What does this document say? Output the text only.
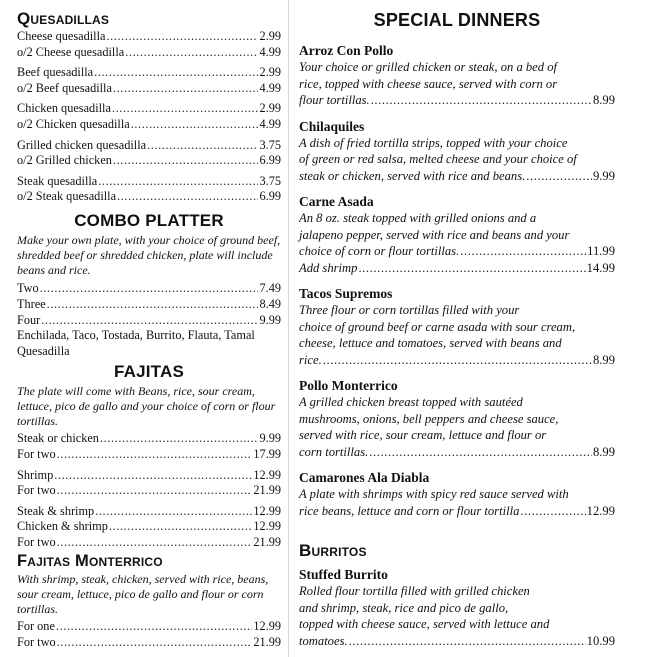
Quesadillas
Cheese quesadilla .....	2.99
o/2 Cheese quesadilla .....	4.99
Beef quesadilla .....	2.99
o/2 Beef quesadilla .....	4.99
Chicken quesadilla .....	2.99
o/2 Chicken quesadilla .....	4.99
Grilled chicken quesadilla .....	3.75
o/2 Grilled chicken .....	6.99
Steak quesadilla .....	3.75
o/2 Steak quesadilla .....	6.99
COMBO PLATTER

Make your own plate, with your choice of ground beef, shredded beef or shredded chicken, plate will include beans and rice.

Two .....	7.49
Three .....	8.49
Four .....	9.99

Enchilada, Taco, Tostada, Burrito, Flauta, Tamal Quesadilla

FAJITAS

The plate will come with Beans, rice, sour cream, lettuce, pico de gallo and your choice of corn or flour tortillas.

Steak or chicken .....	9.99
For two .....	17.99
Shrimp .....	12.99
For two .....	21.99
Steak & shrimp .....	12.99
Chicken & shrimp .....	12.99
For two .....	21.99
Fajitas Monterrico

With shrimp, steak, chicken, served with rice, beans, sour cream, lettuce, pico de gallo and flour or corn tortillas.

For one .....	12.99
For two .....	21.99
SPECIAL DINNERS

Arroz Con Pollo

Your choice or grilled chicken or steak, on a bed of
rice, topped with cheese sauce, served with corn or
flour tortillas. .....	8.99

Chilaquiles

A dish of fried tortilla strips, topped with your choice
of green or red salsa, melted cheese and your choice of
steak or chicken, served with rice and beans. .....	9.99

Carne Asada

An 8 oz. steak topped with grilled onions and a
jalapeno pepper, served with rice and beans and your
choice of corn or flour tortillas. .....	11.99
Add shrimp .....	14.99

Tacos Supremos

Three flour or corn tortillas filled with your
choice of ground beef or carne asada with sour cream,
cheese, lettuce and tomatoes, served with beans and
rice. .....	8.99

Pollo Monterrico

A grilled chicken breast topped with sautéed
mushrooms, onions, bell peppers and cheese sauce,
served with rice, sour cream, lettuce and flour or
corn tortillas. .....	8.99

Camarones Ala Diabla

A plate with shrimps with spicy red sauce served with
rice beans, lettuce and corn or flour tortilla .....	12.99
Burritos

Stuffed Burrito

Rolled flour tortilla filled with grilled chicken
and shrimp, steak, rice and pico de gallo,
topped with cheese sauce, served with lettuce and
tomatoes. .....	10.99
